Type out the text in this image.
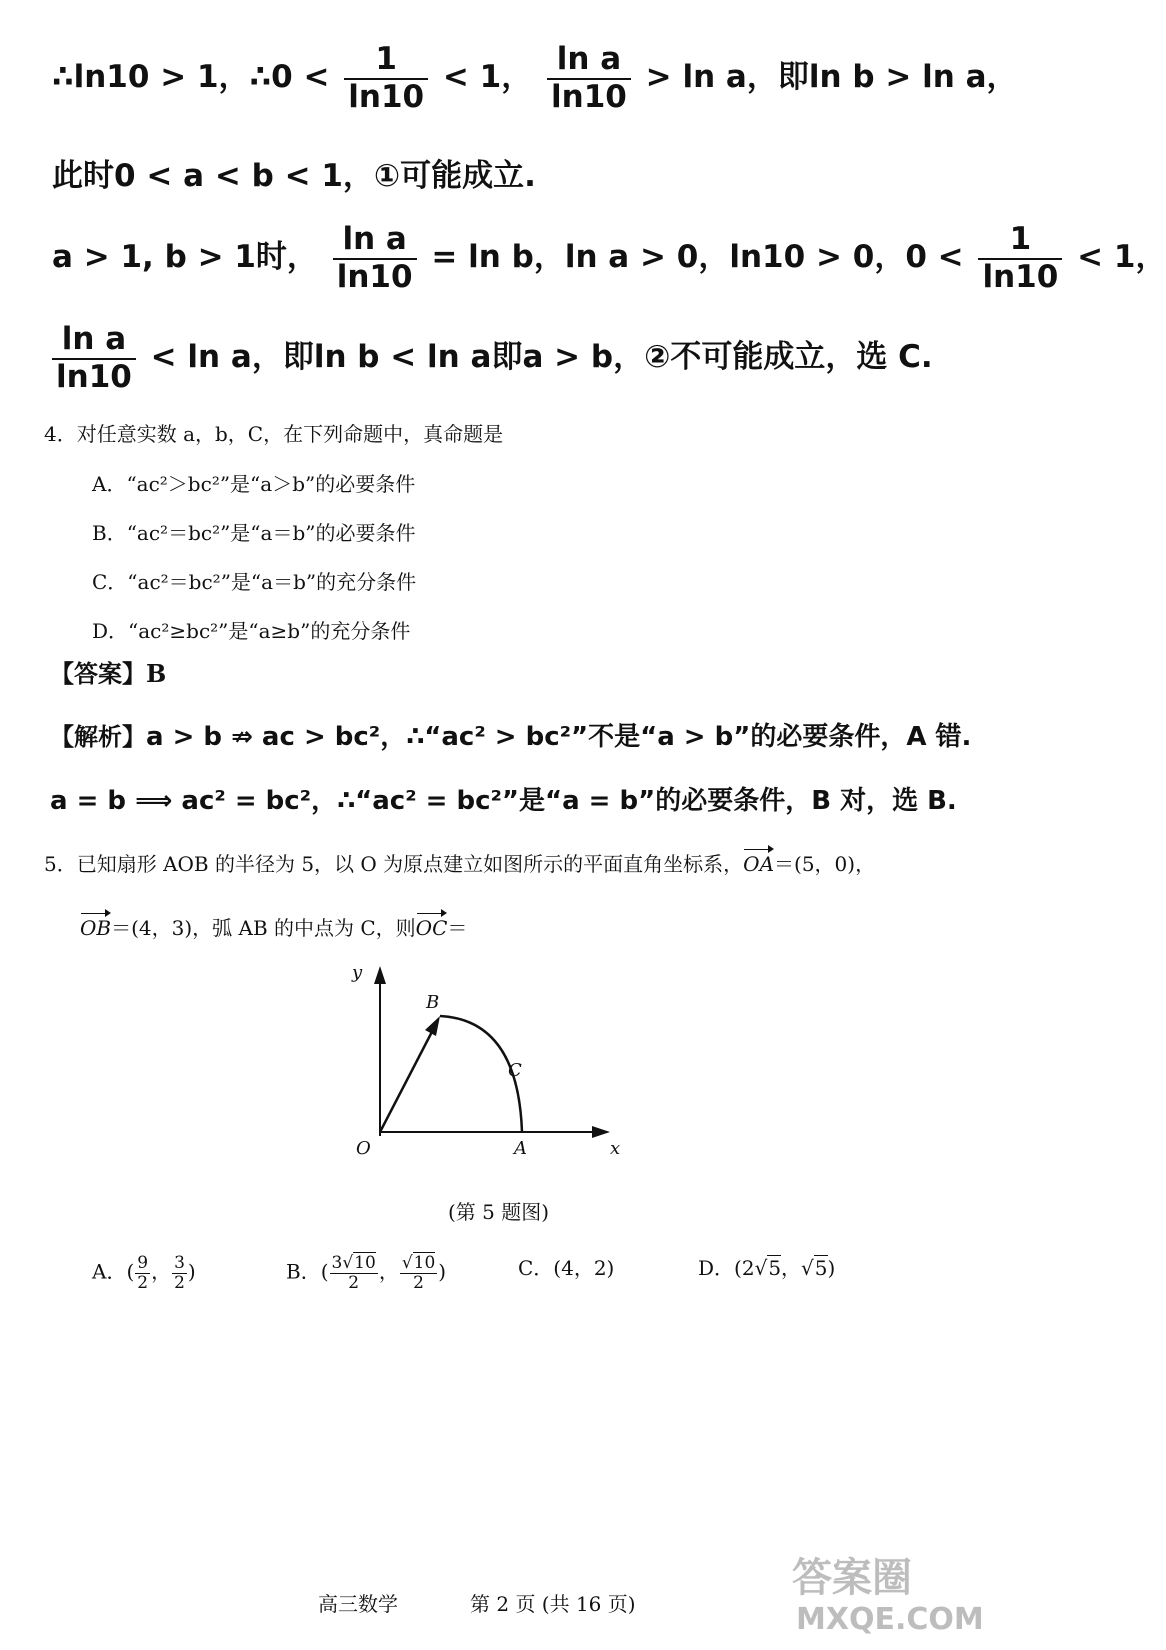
∴ln10 > 1，∴0 < $\frac{1}{\ln 10} < 1$， $\frac{\text{ln a}}{\ln 10} > \ln a$，即ln b > ln a，
此时0 < a < b < 1，①可能成立.
a > 1, b > 1时， $\frac{\text{ln a}}{\ln 10} = \ln b$，ln a > 0，ln10 > 0，$0 < \frac{1}{\ln 10} < 1$，
$\frac{\text{ln a}}{\ln 10} < \ln a$，即ln b < ln a即a > b，②不可能成立，选 C.
4．对任意实数 a，b，C，在下列命题中，真命题是
A．“ac²＞bc²”是“a＞b”的必要条件
B．“ac²＝bc²”是“a＝b”的必要条件
C．“ac²＝bc²”是“a＝b”的充分条件
D．“ac²≥bc²”是“a≥b”的充分条件
【答案】B
【解析】a > b ⇏ ac > bc²，∴“ac² > bc²”不是“a > b”的必要条件，A 错.
a = b ⟹ ac² = bc²，∴“ac² = bc²”是“a = b”的必要条件，B 对，选 B.
5．已知扇形 AOB 的半径为 5，以 O 为原点建立如图所示的平面直角坐标系，OA＝(5，0)，
OB＝(4，3)，弧 AB 的中点为 C，则OC＝
y
x
O	A
B
C
(第 5 题图)
A．( $\frac{9}{2}$ ， $\frac{3}{2}$ )	B．( $\frac{3√10}{2}$ ， $\frac{√10}{2}$ )	C．(4，2)	D．(2√5，√5)
高三数学	第 2 页 (共 16 页)
答案圈
MXQE.COM
